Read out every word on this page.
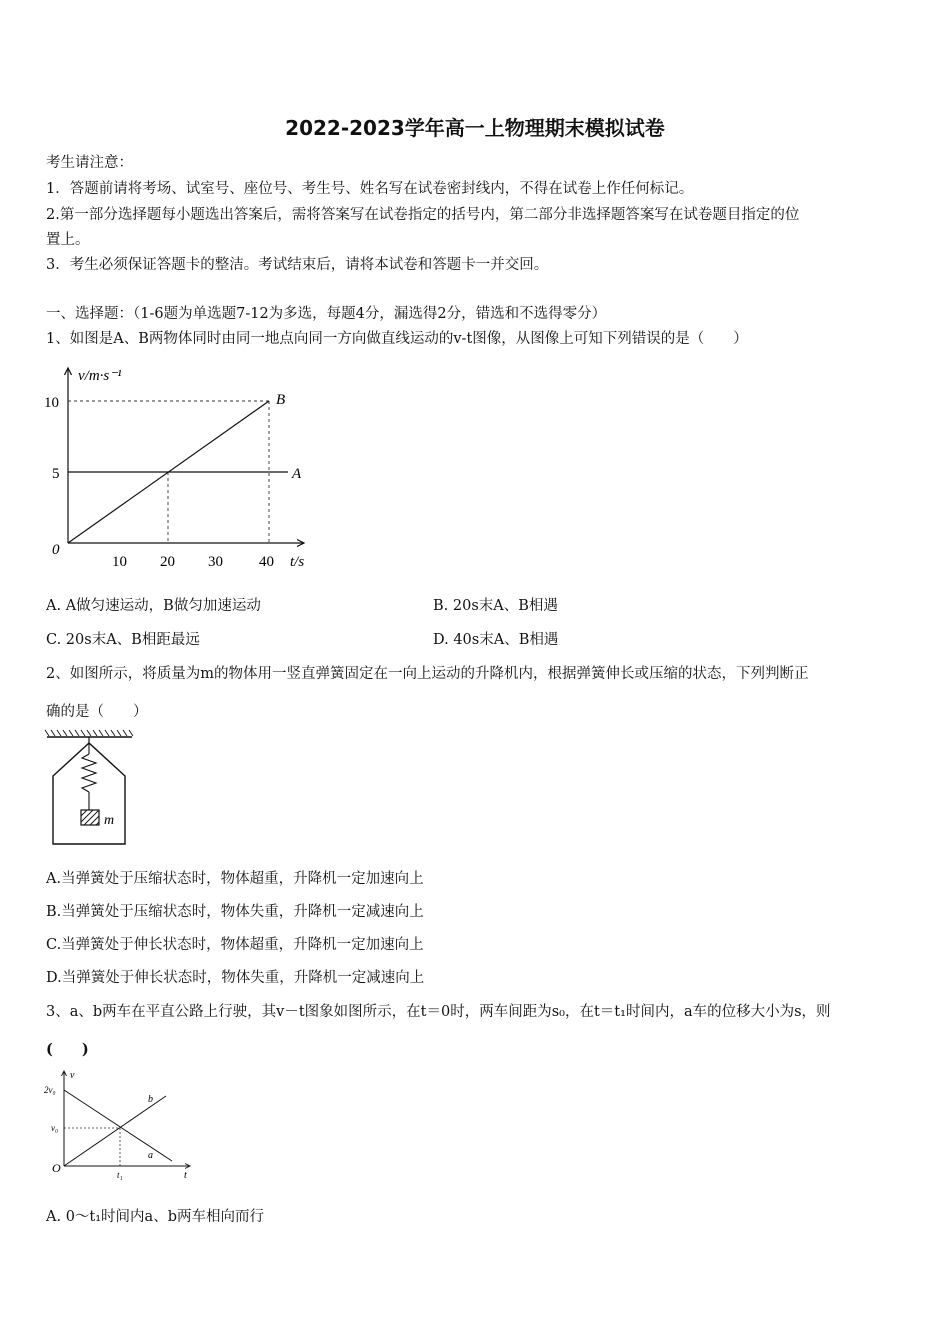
2022-2023学年高一上物理期末模拟试卷
考生请注意：
1．答题前请将考场、试室号、座位号、考生号、姓名写在试卷密封线内，不得在试卷上作任何标记。
2.第一部分选择题每小题选出答案后，需将答案写在试卷指定的括号内，第二部分非选择题答案写在试卷题目指定的位
置上。
3．考生必须保证答题卡的整洁。考试结束后，请将本试卷和答题卡一并交回。
一、选择题：（1-6题为单选题7-12为多选，每题4分，漏选得2分，错选和不选得零分）
1、如图是A、B两物体同时由同一地点向同一方向做直线运动的v-t图像，从图像上可知下列错误的是（　　）
v/m·s⁻¹
t/s
0
5
10
10 20 30 40
A
B
A. A做匀速运动，B做匀加速运动	B. 20s末A、B相遇
C. 20s末A、B相距最远	D. 40s末A、B相遇
2、如图所示，将质量为m的物体用一竖直弹簧固定在一向上运动的升降机内，根据弹簧伸长或压缩的状态，下列判断正
确的是（　　）
m
A.当弹簧处于压缩状态时，物体超重，升降机一定加速向上
B.当弹簧处于压缩状态时，物体失重，升降机一定减速向上
C.当弹簧处于伸长状态时，物体超重，升降机一定加速向上
D.当弹簧处于伸长状态时，物体失重，升降机一定减速向上
3、a、b两车在平直公路上行驶，其v－t图象如图所示，在t＝0时，两车间距为s₀，在t＝t₁时间内，a车的位移大小为s，则
(　　)
v
t
O
2v₀
v₀
t₁
a
b
A. 0～t₁时间内a、b两车相向而行
